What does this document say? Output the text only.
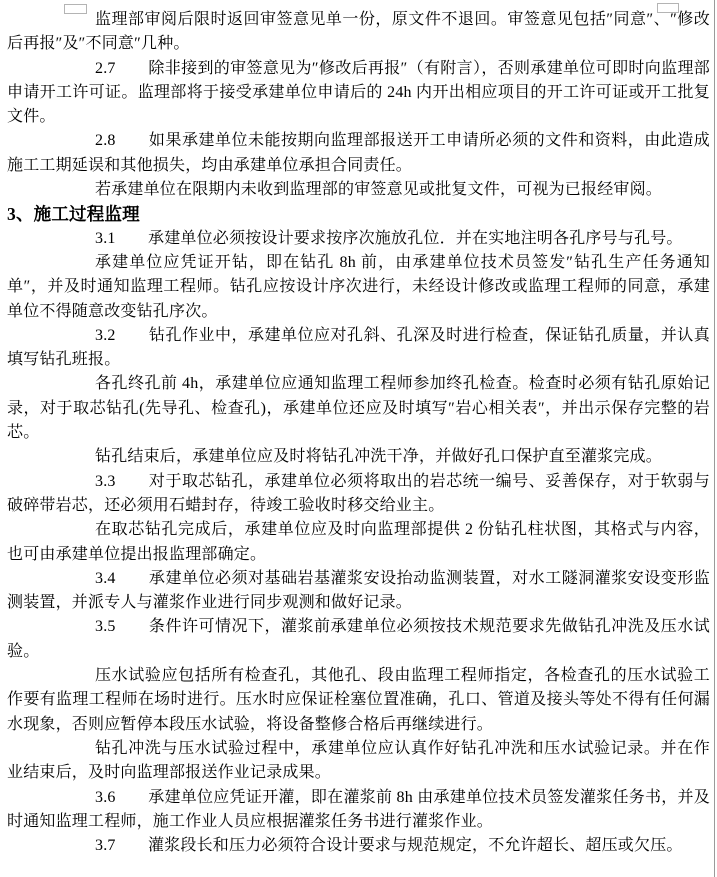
监理部审阅后限时返回审签意见单一份，原文件不退回。审签意见包括″同意″、″修改后再报″及″不同意″几种。

2.7　　除非接到的审签意见为″修改后再报″（有附言），否则承建单位可即时向监理部申请开工许可证。监理部将于接受承建单位申请后的 24h 内开出相应项目的开工许可证或开工批复文件。

2.8　　如果承建单位未能按期向监理部报送开工申请所必须的文件和资料，由此造成施工工期延误和其他损失，均由承建单位承担合同责任。

若承建单位在限期内未收到监理部的审签意见或批复文件，可视为已报经审阅。

3、施工过程监理

3.1　　承建单位必须按设计要求按序次施放孔位．并在实地注明各孔序号与孔号。

承建单位应凭证开钻，即在钻孔 8h 前，由承建单位技术员签发″钻孔生产任务通知单″，并及时通知监理工程师。钻孔应按设计序次进行，未经设计修改或监理工程师的同意，承建单位不得随意改变钻孔序次。

3.2　　钻孔作业中，承建单位应对孔斜、孔深及时进行检查，保证钻孔质量，并认真填写钻孔班报。

各孔终孔前 4h，承建单位应通知监理工程师参加终孔检查。检查时必须有钻孔原始记录，对于取芯钻孔(先导孔、检查孔)，承建单位还应及时填写″岩心相关表″，并出示保存完整的岩芯。

钻孔结束后，承建单位应及时将钻孔冲洗干净，并做好孔口保护直至灌浆完成。

3.3　　对于取芯钻孔，承建单位必须将取出的岩芯统一编号、妥善保存，对于软弱与破碎带岩芯，还必须用石蜡封存，待竣工验收时移交给业主。

在取芯钻孔完成后，承建单位应及时向监理部提供 2 份钻孔柱状图，其格式与内容，也可由承建单位提出报监理部确定。

3.4　　承建单位必须对基础岩基灌浆安设抬动监测装置，对水工隧洞灌浆安设变形监测装置，并派专人与灌浆作业进行同步观测和做好记录。

3.5　　条件许可情况下，灌浆前承建单位必须按技术规范要求先做钻孔冲洗及压水试验。

压水试验应包括所有检查孔，其他孔、段由监理工程师指定，各检查孔的压水试验工作要有监理工程师在场时进行。压水时应保证栓塞位置准确，孔口、管道及接头等处不得有任何漏水现象，否则应暂停本段压水试验，将设备整修合格后再继续进行。

钻孔冲洗与压水试验过程中，承建单位应认真作好钻孔冲洗和压水试验记录。并在作业结束后，及时向监理部报送作业记录成果。

3.6　　承建单位应凭证开灌，即在灌浆前 8h 由承建单位技术员签发灌浆任务书，并及时通知监理工程师，施工作业人员应根据灌浆任务书进行灌浆作业。

3.7　　灌浆段长和压力必须符合设计要求与规范规定，不允许超长、超压或欠压。
